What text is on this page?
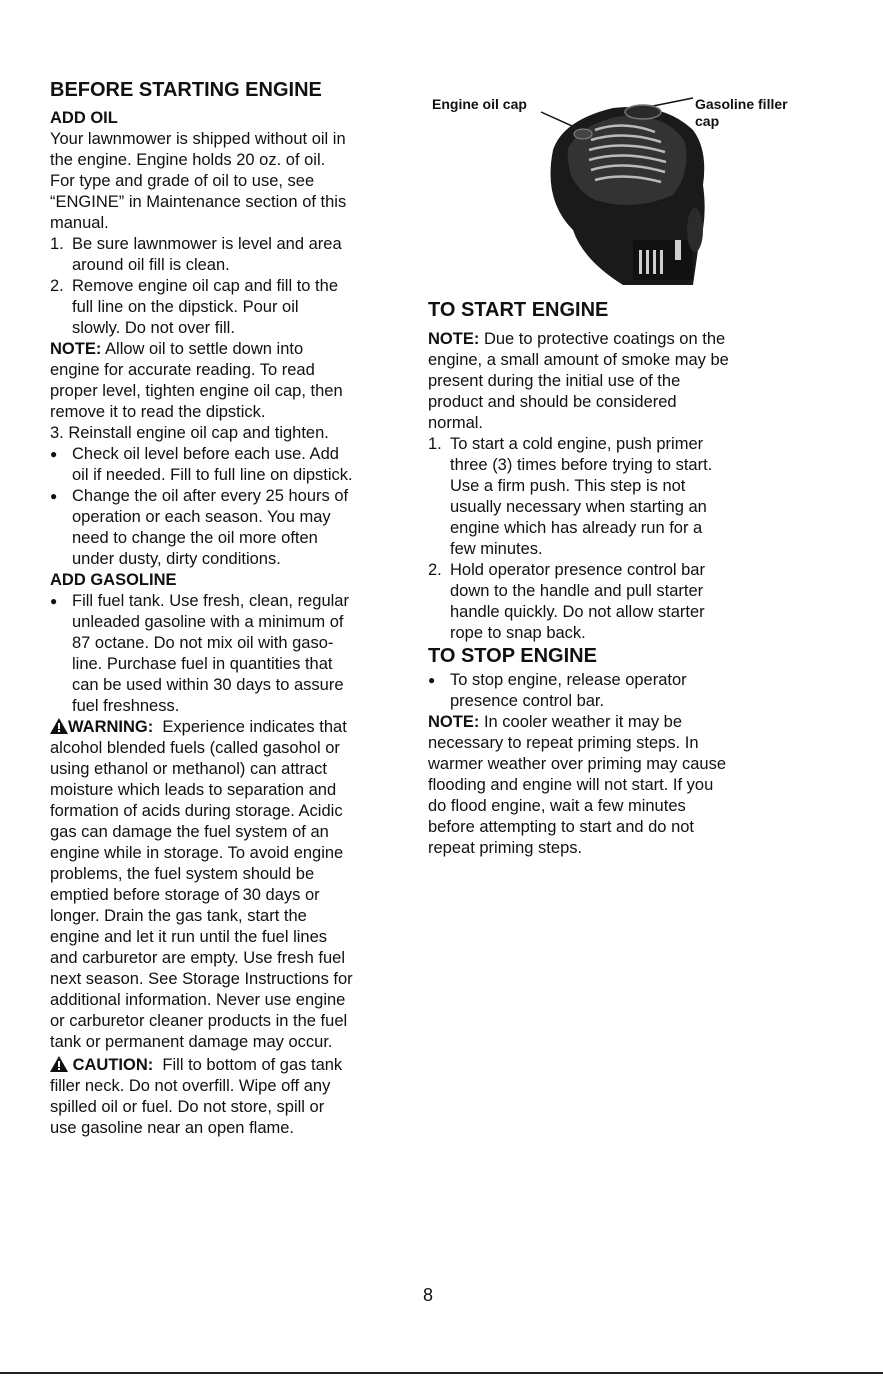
BEFORE STARTING ENGINE
ADD OIL
Your lawnmower is shipped without oil in
the engine. Engine holds 20 oz. of oil.
For type and grade of oil to use, see
“ENGINE” in Maintenance section of this
manual.
1. Be sure lawnmower is level and area
around oil fill is clean.
2. Remove engine oil cap and fill to the
full line on the dipstick. Pour oil
slowly. Do not over fill.
NOTE: Allow oil to settle down into
engine for accurate reading. To read
proper level, tighten engine oil cap, then
remove it to read the dipstick.
3. Reinstall engine oil cap and tighten.
● Check oil level before each use. Add
oil if needed. Fill to full line on dipstick.
● Change the oil after every 25 hours of
operation or each season. You may
need to change the oil more often
under dusty, dirty conditions.
ADD GASOLINE
● Fill fuel tank. Use fresh, clean, regular
unleaded gasoline with a minimum of
87 octane. Do not mix oil with gaso-
line. Purchase fuel in quantities that
can be used within 30 days to assure
fuel freshness.
WARNING: Experience indicates that
alcohol blended fuels (called gasohol or
using ethanol or methanol) can attract
moisture which leads to separation and
formation of acids during storage. Acidic
gas can damage the fuel system of an
engine while in storage. To avoid engine
problems, the fuel system should be
emptied before storage of 30 days or
longer. Drain the gas tank, start the
engine and let it run until the fuel lines
and carburetor are empty. Use fresh fuel
next season. See Storage Instructions for
additional information. Never use engine
or carburetor cleaner products in the fuel
tank or permanent damage may occur.
CAUTION: Fill to bottom of gas tank
filler neck. Do not overfill. Wipe off any
spilled oil or fuel. Do not store, spill or
use gasoline near an open flame.
Engine oil cap	Gasoline filler
cap
TO START ENGINE
NOTE: Due to protective coatings on the
engine, a small amount of smoke may be
present during the initial use of the
product and should be considered
normal.
1. To start a cold engine, push primer
three (3) times before trying to start.
Use a firm push. This step is not
usually necessary when starting an
engine which has already run for a
few minutes.
2. Hold operator presence control bar
down to the handle and pull starter
handle quickly. Do not allow starter
rope to snap back.
TO STOP ENGINE
● To stop engine, release operator
presence control bar.
NOTE: In cooler weather it may be
necessary to repeat priming steps. In
warmer weather over priming may cause
flooding and engine will not start. If you
do flood engine, wait a few minutes
before attempting to start and do not
repeat priming steps.
8
